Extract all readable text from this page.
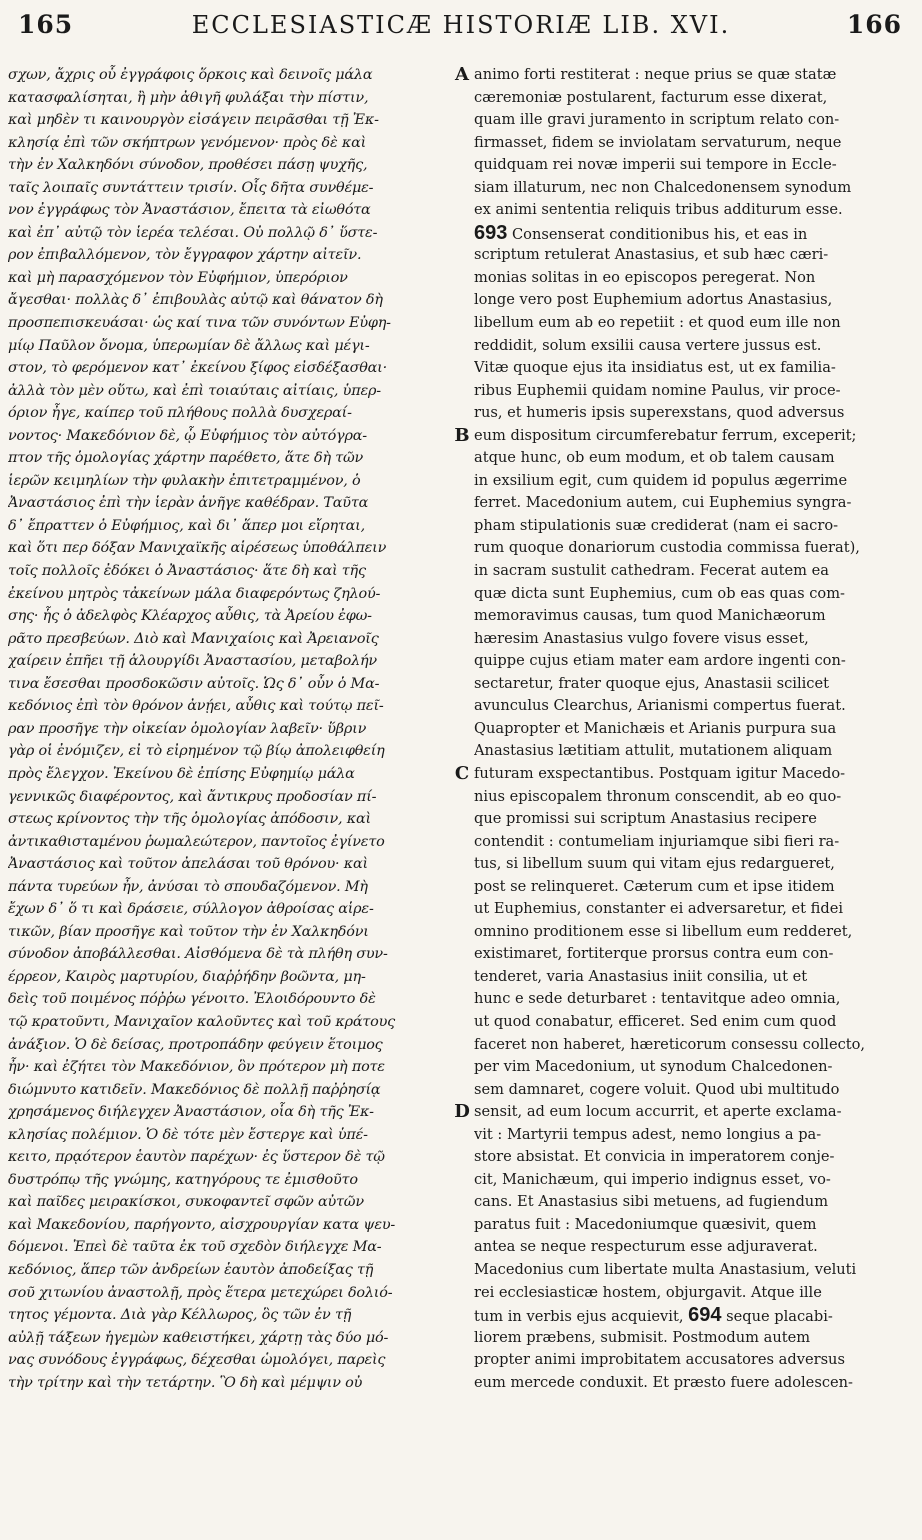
165	ECCLESIASTICÆ HISTORIÆ LIB. XVI.	166
σχων, ἄχρις οὗ ἐγγράφοις ὅρκοις καὶ δεινοῖς μάλα
κατασφαλίσηται, ἢ μὴν ἀθιγῆ φυλάξαι τὴν πίστιν,
καὶ μηδὲν τι καινουργὸν εἰσάγειν πειρᾶσθαι τῇ Ἐκ-
κλησίᾳ ἐπὶ τῶν σκήπτρων γενόμενον· πρὸς δὲ καὶ
τὴν ἐν Χαλκηδόνι σύνοδον, προθέσει πάσῃ ψυχῆς,
ταῖς λοιπαῖς συντάττειν τρισίν. Οἷς δῆτα συνθέμε-
νον ἐγγράφως τὸν Ἀναστάσιον, ἔπειτα τὰ εἰωθότα
καὶ ἐπ᾽ αὐτῷ τὸν ἱερέα τελέσαι. Οὐ πολλῷ δ᾽ ὕστε-
ρον ἐπιβαλλόμενον, τὸν ἔγγραφον χάρτην αἰτεῖν.
καὶ μὴ παρασχόμενον τὸν Εὐφήμιον, ὑπερόριον
ἄγεσθαι· πολλὰς δ᾽ ἐπιβουλὰς αὐτῷ καὶ θάνατον δὴ
προσπεπισκευάσαι· ὡς καί τινα τῶν συνόντων Εὐφη-
μίῳ Παῦλον ὄνομα, ὑπερωμίαν δὲ ἄλλως καὶ μέγι-
στον, τὸ φερόμενον κατ᾽ ἐκείνου ξίφος εἰσδέξασθαι·
ἀλλὰ τὸν μὲν οὕτω, καὶ ἐπὶ τοιαύταις αἰτίαις, ὑπερ-
όριον ἦγε, καίπερ τοῦ πλήθους πολλὰ δυσχεραί-
νοντος· Μακεδόνιον δὲ, ᾧ Εὐφήμιος τὸν αὐτόγρα-
πτον τῆς ὁμολογίας χάρτην παρέθετο, ἅτε δὴ τῶν
ἱερῶν κειμηλίων τὴν φυλακὴν ἐπιτετραμμένον, ὁ
Ἀναστάσιος ἐπὶ τὴν ἱερὰν ἀνῆγε καθέδραν. Ταῦτα
δ᾽ ἔπραττεν ὁ Εὐφήμιος, καὶ δι᾽ ἅπερ μοι εἴρηται,
καὶ ὅτι περ δόξαν Μανιχαϊκῆς αἱρέσεως ὑποθάλπειν
τοῖς πολλοῖς ἐδόκει ὁ Ἀναστάσιος· ἅτε δὴ καὶ τῆς
ἐκείνου μητρὸς τἀκείνων μάλα διαφερόντως ζηλού-
σης· ἧς ὁ ἀδελφὸς Κλέαρχος αὖθις, τὰ Ἀρείου ἐφω-
ρᾶτο πρεσβεύων. Διὸ καὶ Μανιχαίοις καὶ Ἀρειανοῖς
χαίρειν ἐπῆει τῇ ἁλουργίδι Ἀναστασίου, μεταβολήν
τινα ἔσεσθαι προσδοκῶσιν αὐτοῖς. Ὡς δ᾽ οὖν ὁ Μα-
κεδόνιος ἐπὶ τὸν θρόνον ἀνῄει, αὖθις καὶ τούτῳ πεῖ-
ραν προσῆγε τὴν οἰκείαν ὁμολογίαν λαβεῖν· ὕβριν
γὰρ οἱ ἐνόμιζεν, εἰ τὸ εἰρημένον τῷ βίῳ ἀπολειφθείη
πρὸς ἔλεγχον. Ἐκείνου δὲ ἐπίσης Εὐφημίῳ μάλα
γεννικῶς διαφέροντος, καὶ ἄντικρυς προδοσίαν πί-
στεως κρίνοντος τὴν τῆς ὁμολογίας ἀπόδοσιν, καὶ
ἀντικαθισταμένου ῥωμαλεώτερον, παντοῖος ἐγίνετο
Ἀναστάσιος καὶ τοῦτον ἀπελάσαι τοῦ θρόνου· καὶ
πάντα τυρεύων ἦν, ἀνύσαι τὸ σπουδαζόμενον. Μὴ
ἔχων δ᾽ ὅ τι καὶ δράσειε, σύλλογον ἀθροίσας αἱρε-
τικῶν, βίαν προσῆγε καὶ τοῦτον τὴν ἐν Χαλκηδόνι
σύνοδον ἀποβάλλεσθαι. Αἰσθόμενα δὲ τὰ πλήθη συν-
έρρεον, Καιρὸς μαρτυρίου, διαῤῥήδην βοῶντα, μη-
δεὶς τοῦ ποιμένος πόῤῥω γένοιτο. Ἐλοιδόρουντο δὲ
τῷ κρατοῦντι, Μανιχαῖον καλοῦντες καὶ τοῦ κράτους
ἀνάξιον. Ὁ δὲ δείσας, προτροπάδην φεύγειν ἕτοιμος
ἦν· καὶ ἐζήτει τὸν Μακεδόνιον, ὃν πρότερον μὴ ποτε
διώμνυτο κατιδεῖν. Μακεδόνιος δὲ πολλῇ παῤῥησίᾳ
χρησάμενος διήλεγχεν Ἀναστάσιον, οἷα δὴ τῆς Ἐκ-
κλησίας πολέμιον. Ὁ δὲ τότε μὲν ἔστεργε καὶ ὑπέ-
κειτο, πρᾳότερον ἑαυτὸν παρέχων· ἐς ὕστερον δὲ τῷ
δυστρόπῳ τῆς γνώμης, κατηγόρους τε ἐμισθοῦτο
καὶ παῖδες μειρακίσκοι, συκοφαντεῖ σφῶν αὐτῶν
καὶ Μακεδονίου, παρήγοντο, αἰσχρουργίαν κατα ψευ-
δόμενοι. Ἐπεὶ δὲ ταῦτα ἐκ τοῦ σχεδὸν διήλεγχε Μα-
κεδόνιος, ἅπερ τῶν ἀνδρείων ἑαυτὸν ἀποδείξας τῇ
σοῦ χιτωνίου ἀναστολῇ, πρὸς ἕτερα μετεχώρει δολιό-
τητος γέμοντα. Διὰ γὰρ Κέλλωρος, ὃς τῶν ἐν τῇ
αὐλῇ τάξεων ἡγεμὼν καθειστήκει, χάρτῃ τὰς δύο μό-
νας συνόδους ἐγγράφως, δέχεσθαι ὡμολόγει, παρεὶς
τὴν τρίτην καὶ τὴν τετάρτην. Ὃ δὴ καὶ μέμψιν οὐ
animo forti restiterat : neque prius se quæ statæ
cæremoniæ postularent, facturum esse dixerat,
quam ille gravi juramento in scriptum relato con-
firmasset, fidem se inviolatam servaturum, neque
quidquam rei novæ imperii sui tempore in Eccle-
siam illaturum, nec non Chalcedonensem synodum
ex animi sententia reliquis tribus additurum esse.
693 Consenserat conditionibus his, et eas in
scriptum retulerat Anastasius, et sub hæc cæri-
monias solitas in eo episcopos peregerat. Non
longe vero post Euphemium adortus Anastasius,
libellum eum ab eo repetiit : et quod eum ille non
reddidit, solum exsilii causa vertere jussus est.
Vitæ quoque ejus ita insidiatus est, ut ex familia-
ribus Euphemii quidam nomine Paulus, vir proce-
rus, et humeris ipsis superexstans, quod adversus
eum dispositum circumferebatur ferrum, exceperit;
atque hunc, ob eum modum, et ob talem causam
in exsilium egit, cum quidem id populus ægerrime
ferret. Macedonium autem, cui Euphemius syngra-
pham stipulationis suæ crediderat (nam ei sacro-
rum quoque donariorum custodia commissa fuerat),
in sacram sustulit cathedram. Fecerat autem ea
quæ dicta sunt Euphemius, cum ob eas quas com-
memoravimus causas, tum quod Manichæorum
hæresim Anastasius vulgo fovere visus esset,
quippe cujus etiam mater eam ardore ingenti con-
sectaretur, frater quoque ejus, Anastasii scilicet
avunculus Clearchus, Arianismi compertus fuerat.
Quapropter et Manichæis et Arianis purpura sua
Anastasius lætitiam attulit, mutationem aliquam
futuram exspectantibus. Postquam igitur Macedo-
nius episcopalem thronum conscendit, ab eo quo-
que promissi sui scriptum Anastasius recipere
contendit : contumeliam injuriamque sibi fieri ra-
tus, si libellum suum qui vitam ejus redargueret,
post se relinqueret. Cæterum cum et ipse itidem
ut Euphemius, constanter ei adversaretur, et fidei
omnino proditionem esse si libellum eum redderet,
existimaret, fortiterque prorsus contra eum con-
tenderet, varia Anastasius iniit consilia, ut et
hunc e sede deturbaret : tentavitque adeo omnia,
ut quod conabatur, efficeret. Sed enim cum quod
faceret non haberet, hæreticorum consessu collecto,
per vim Macedonium, ut synodum Chalcedonen-
sem damnaret, cogere voluit. Quod ubi multitudo
sensit, ad eum locum accurrit, et aperte exclama-
vit : Martyrii tempus adest, nemo longius a pa-
store absistat. Et convicia in imperatorem conje-
cit, Manichæum, qui imperio indignus esset, vo-
cans. Et Anastasius sibi metuens, ad fugiendum
paratus fuit : Macedoniumque quæsivit, quem
antea se neque respecturum esse adjuraverat.
Macedonius cum libertate multa Anastasium, veluti
rei ecclesiasticæ hostem, objurgavit. Atque ille
tum in verbis ejus acquievit, 694 seque placabi-
liorem præbens, submisit. Postmodum autem
propter animi improbitatem accusatores adversus
eum mercede conduxit. Et præsto fuere adolescen-
A
B
C
D
